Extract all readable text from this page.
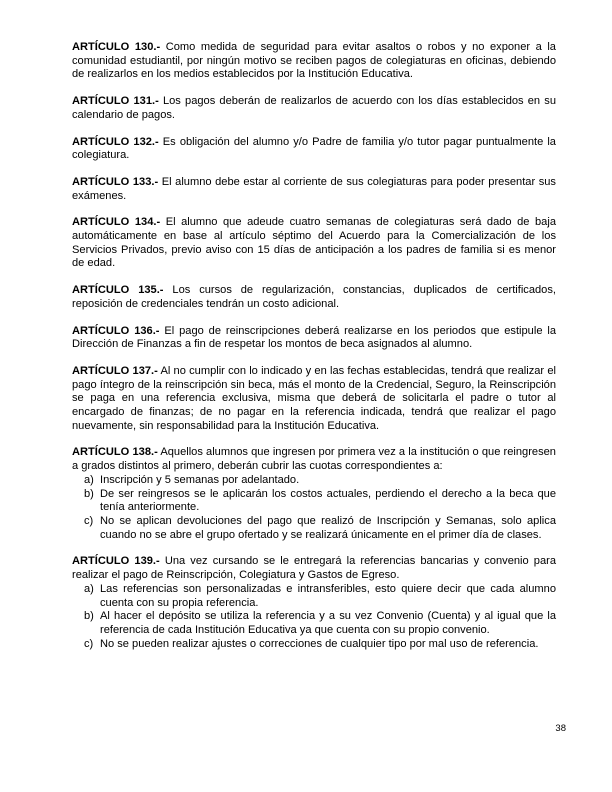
ARTÍCULO 130.- Como medida de seguridad para evitar asaltos o robos y no exponer a la comunidad estudiantil, por ningún motivo se reciben pagos de colegiaturas en oficinas, debiendo de realizarlos en los medios establecidos por la Institución Educativa.

ARTÍCULO 131.- Los pagos deberán de realizarlos de acuerdo con los días establecidos en su calendario de pagos.

ARTÍCULO 132.- Es obligación del alumno y/o Padre de familia y/o tutor pagar puntualmente la colegiatura.

ARTÍCULO 133.- El alumno debe estar al corriente de sus colegiaturas para poder presentar sus exámenes.

ARTÍCULO 134.- El alumno que adeude cuatro semanas de colegiaturas será dado de baja automáticamente en base al artículo séptimo del Acuerdo para la Comercialización de los Servicios Privados, previo aviso con 15 días de anticipación a los padres de familia si es menor de edad.

ARTÍCULO 135.- Los cursos de regularización, constancias, duplicados de certificados, reposición de credenciales tendrán un costo adicional.

ARTÍCULO 136.- El pago de reinscripciones deberá realizarse en los periodos que estipule la Dirección de Finanzas a fin de respetar los montos de beca asignados al alumno.

ARTÍCULO 137.- Al no cumplir con lo indicado y en las fechas establecidas, tendrá que realizar el pago íntegro de la reinscripción sin beca, más el monto de la Credencial, Seguro, la Reinscripción se paga en una referencia exclusiva, misma que deberá de solicitarla el padre o tutor al encargado de finanzas; de no pagar en la referencia indicada, tendrá que realizar el pago nuevamente, sin responsabilidad para la Institución Educativa.

ARTÍCULO 138.- Aquellos alumnos que ingresen por primera vez a la institución o que reingresen a grados distintos al primero, deberán cubrir las cuotas correspondientes a:
a) Inscripción y 5 semanas por adelantado.
b) De ser reingresos se le aplicarán los costos actuales, perdiendo el derecho a la beca que tenía anteriormente.
c) No se aplican devoluciones del pago que realizó de Inscripción y Semanas, solo aplica cuando no se abre el grupo ofertado y se realizará únicamente en el primer día de clases.
ARTÍCULO 139.- Una vez cursando se le entregará la referencias bancarias y convenio para realizar el pago de Reinscripción, Colegiatura y Gastos de Egreso.
a) Las referencias son personalizadas e intransferibles, esto quiere decir que cada alumno cuenta con su propia referencia.
b) Al hacer el depósito se utiliza la referencia y a su vez Convenio (Cuenta) y al igual que la referencia de cada Institución Educativa ya que cuenta con su propio convenio.
c) No se pueden realizar ajustes o correcciones de cualquier tipo por mal uso de referencia.
38
